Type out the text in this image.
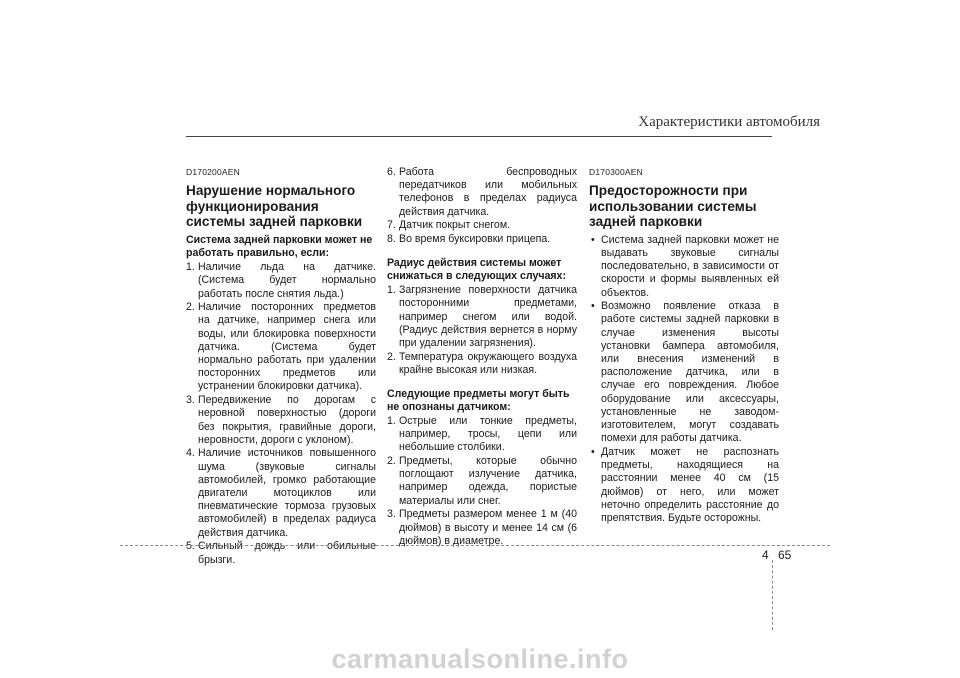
Характеристики автомобиля
D170200AEN
Нарушение нормального функционирования системы задней парковки
Система задней парковки может не работать правильно, если:
1. Наличие льда на датчике. (Система будет нормально работать после снятия льда.)
2. Наличие посторонних предметов на датчике, например снега или воды, или блокировка поверхности датчика. (Система будет нормально работать при удалении посторонних предметов или устранении блокировки датчика).
3. Передвижение по дорогам с неровной поверхностью (дороги без покрытия, гравийные дороги, неровности, дороги с уклоном).
4. Наличие источников повышенного шума (звуковые сигналы автомобилей, громко работающие двигатели мотоциклов или пневматические тормоза грузовых автомобилей) в пределах радиуса действия датчика.
5. Сильный дождь или обильные брызги.
6. Работа беспроводных передатчиков или мобильных телефонов в пределах радиуса действия датчика.
7. Датчик покрыт снегом.
8. Во время буксировки прицепа.
Радиус действия системы может снижаться в следующих случаях:
1. Загрязнение поверхности датчика посторонними предметами, например снегом или водой. (Радиус действия вернется в норму при удалении загрязнения).
2. Температура окружающего воздуха крайне высокая или низкая.
Следующие предметы могут быть не опознаны датчиком:
1. Острые или тонкие предметы, например, тросы, цепи или небольшие столбики.
2. Предметы, которые обычно поглощают излучение датчика, например одежда, пористые материалы или снег.
3. Предметы размером менее 1 м (40 дюймов) в высоту и менее 14 см (6 дюймов) в диаметре.
D170300AEN
Предосторожности при использовании системы задней парковки
• Система задней парковки может не выдавать звуковые сигналы последовательно, в зависимости от скорости и формы выявленных ей объектов.
• Возможно появление отказа в работе системы задней парковки в случае изменения высоты установки бампера автомобиля, или внесения изменений в расположение датчика, или в случае его повреждения. Любое оборудование или аксессуары, установленные не заводом-изготовителем, могут создавать помехи для работы датчика.
• Датчик может не распознать предметы, находящиеся на расстоянии менее 40 см (15 дюймов) от него, или может неточно определить расстояние до препятствия. Будьте осторожны.
4 65
carmanualsonline.info
